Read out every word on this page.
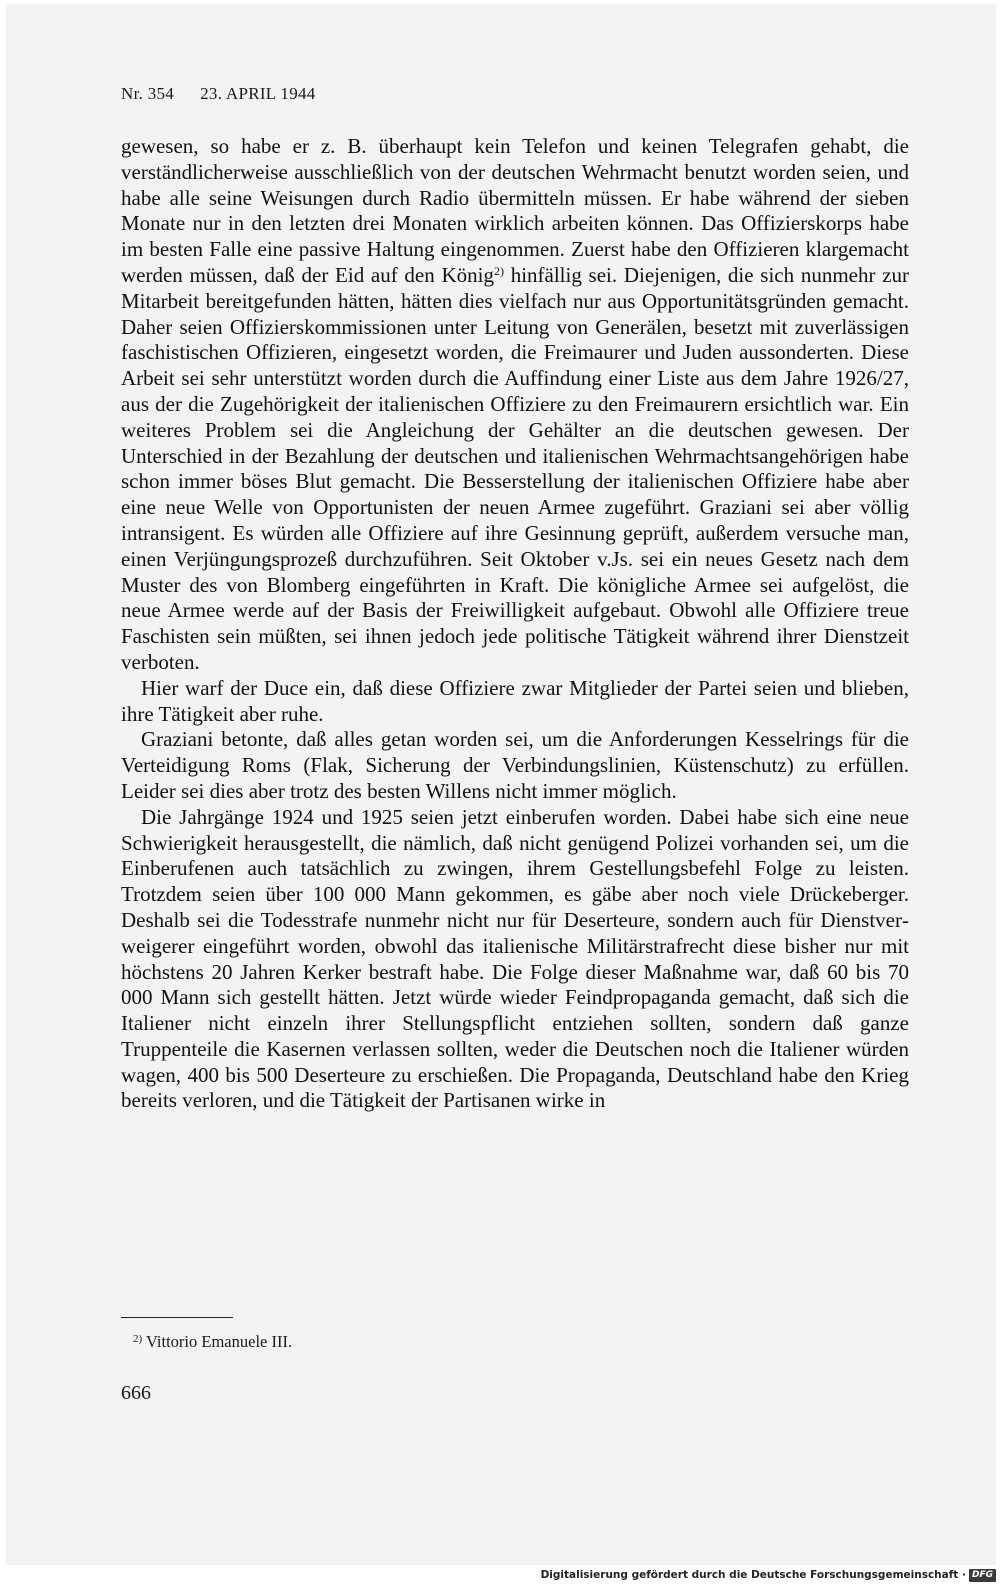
Nr. 354 23. APRIL 1944

gewesen, so habe er z. B. überhaupt kein Telefon und keinen Telegrafen gehabt, die verständlicherweise ausschließlich von der deutschen Wehrmacht benutzt worden seien, und habe alle seine Weisungen durch Radio übermitteln müssen. Er habe während der sieben Monate nur in den letzten drei Monaten wirklich arbeiten können. Das Offizierskorps habe im besten Falle eine passive Haltung eingenommen. Zuerst habe den Offizieren klargemacht werden müssen, daß der Eid auf den König$^{2)}$ hinfällig sei. Diejenigen, die sich nunmehr zur Mitarbeit bereitgefunden hätten, hätten dies vielfach nur aus Opportunitätsgründen gemacht. Daher seien Offizierskommissionen unter Leitung von Generälen, besetzt mit zuverlässigen faschistischen Offizieren, eingesetzt worden, die Freimaurer und Juden aussonderten. Diese Arbeit sei sehr unterstützt worden durch die Auffindung einer Liste aus dem Jahre 1926/27, aus der die Zugehörigkeit der italienischen Offiziere zu den Freimaurern ersichtlich war. Ein weiteres Problem sei die Angleichung der Gehälter an die deutschen gewesen. Der Unterschied in der Bezahlung der deutschen und italienischen Wehrmachtsangehörigen habe schon immer böses Blut gemacht. Die Besserstellung der italienischen Offiziere habe aber eine neue Welle von Opportunisten der neuen Armee zugeführt. Graziani sei aber völlig intransigent. Es würden alle Offiziere auf ihre Gesinnung geprüft, außerdem versuche man, einen Verjüngungsprozeß durchzuführen. Seit Oktober v.Js. sei ein neues Gesetz nach dem Muster des von Blomberg eingeführten in Kraft. Die königliche Armee sei aufgelöst, die neue Armee werde auf der Basis der Freiwilligkeit aufgebaut. Obwohl alle Offiziere treue Faschisten sein müßten, sei ihnen jedoch jede politische Tätigkeit während ihrer Dienstzeit verboten.

Hier warf der Duce ein, daß diese Offiziere zwar Mitglieder der Partei seien und blieben, ihre Tätigkeit aber ruhe.

Graziani betonte, daß alles getan worden sei, um die Anforderungen Kesselrings für die Verteidigung Roms (Flak, Sicherung der Verbindungslinien, Küstenschutz) zu erfüllen. Leider sei dies aber trotz des besten Willens nicht immer möglich.

Die Jahrgänge 1924 und 1925 seien jetzt einberufen worden. Dabei habe sich eine neue Schwierigkeit herausgestellt, die nämlich, daß nicht genügend Polizei vorhanden sei, um die Einberufenen auch tatsächlich zu zwingen, ihrem Gestellungsbefehl Folge zu leisten. Trotzdem seien über 100 000 Mann gekommen, es gäbe aber noch viele Drückeberger. Deshalb sei die Todesstrafe nunmehr nicht nur für Deserteure, sondern auch für Dienstverweigerer eingeführt worden, obwohl das italienische Militärstrafrecht diese bisher nur mit höchstens 20 Jahren Kerker bestraft habe. Die Folge dieser Maßnahme war, daß 60 bis 70 000 Mann sich gestellt hätten. Jetzt würde wieder Feindpropaganda gemacht, daß sich die Italiener nicht einzeln ihrer Stellungspflicht entziehen sollten, sondern daß ganze Truppenteile die Kasernen verlassen sollten, weder die Deutschen noch die Italiener würden wagen, 400 bis 500 Deserteure zu erschießen. Die Propaganda, Deutschland habe den Krieg bereits verloren, und die Tätigkeit der Partisanen wirke in

$^{2)}$ Vittorio Emanuele III.
666
Digitalisierung gefördert durch die Deutsche Forschungsgemeinschaft · DFG
